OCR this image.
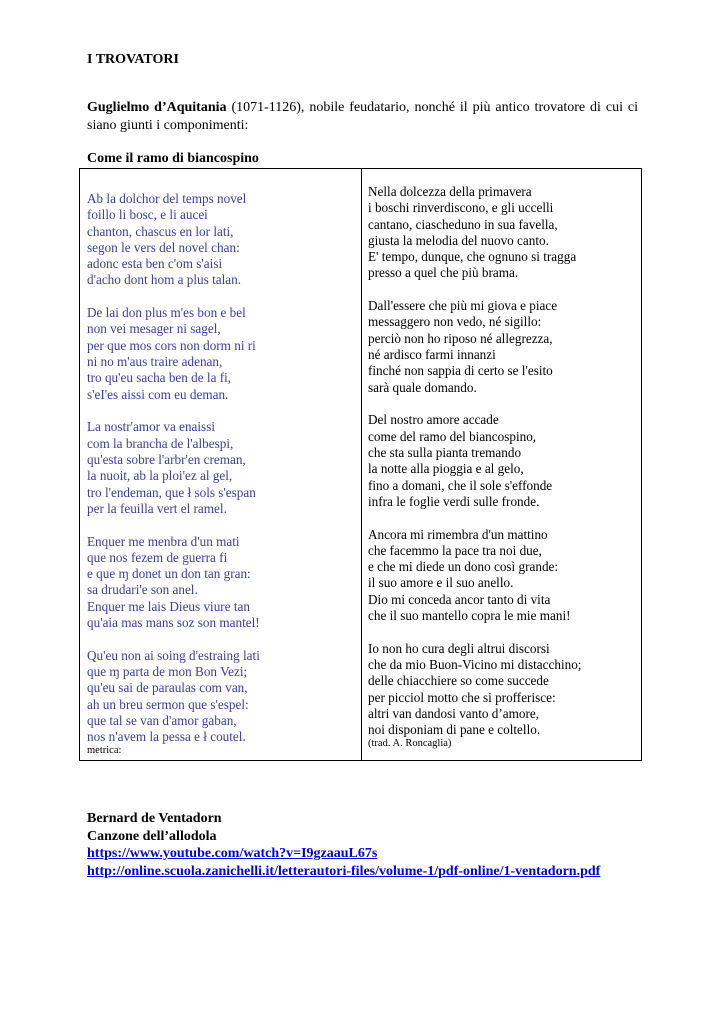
I TROVATORI
Guglielmo d’Aquitania (1071-1126), nobile feudatario, nonché il più antico trovatore di cui ci siano giunti i componimenti:
Come il ramo di biancospino
Ab la dolchor del temps novel
foillo li bosc, e li aucei
chanton, chascus en lor lati,
segon le vers del novel chan:
adonc esta ben c'om s'aisi
d'acho dont hom a plus talan.
De lai don plus m'es bon e bel
non vei mesager ni sagel,
per que mos cors non dorm ni ri
ni no m'aus traire adenan,
tro qu'eu sacha ben de la fi,
s'eI'es aissi com eu deman.
La nostr'amor va enaissi
com la brancha de l'albespi,
qu'esta sobre l'arbr'en creman,
la nuoit, ab la ploi'ez al gel,
tro l'endeman, que ł sols s'espan
per la feuilla vert el ramel.
Enquer me menbra d'un mati
que nos fezem de guerra fi
e que ɱ donet un don tan gran:
sa drudari'e son anel.
Enquer me lais Dieus viure tan
qu'aia mas mans soz son mantel!
Qu'eu non ai soing d'estraing lati
que ɱ parta de mon Bon Vezi;
qu'eu sai de paraulas com van,
ah un breu sermon que s'espel:
que tal se van d'amor gaban,
nos n'avem la pessa e ł coutel.
metrica:
Nella dolcezza della primavera
i boschi rinverdiscono, e gli uccelli
cantano, ciascheduno in sua favella,
giusta la melodia del nuovo canto.
E' tempo, dunque, che ognuno si tragga
presso a quel che più brama.
Dall'essere che più mi giova e piace
messaggero non vedo, né sigillo:
perciò non ho riposo né allegrezza,
né ardisco farmi innanzi
finché non sappia di certo se l'esito
sarà quale domando.
Del nostro amore accade
come del ramo del biancospino,
che sta sulla pianta tremando
la notte alla pioggia e al gelo,
fino a domani, che il sole s'effonde
infra le foglie verdi sulle fronde.
Ancora mi rimembra d'un mattino
che facemmo la pace tra noi due,
e che mi diede un dono così grande:
il suo amore e il suo anello.
Dio mi conceda ancor tanto di vita
che il suo mantello copra le mie mani!
Io non ho cura degli altrui discorsi
che da mio Buon-Vicino mi distacchino;
delle chiacchiere so come succede
per picciol motto che si profferisce:
altri van dandosi vanto d’amore,
noi disponiam di pane e coltello.
(trad. A. Roncaglia)
Bernard de Ventadorn
Canzone dell’allodola
https://www.youtube.com/watch?v=I9gzaauL67s
http://online.scuola.zanichelli.it/letterautori-files/volume-1/pdf-online/1-ventadorn.pdf
